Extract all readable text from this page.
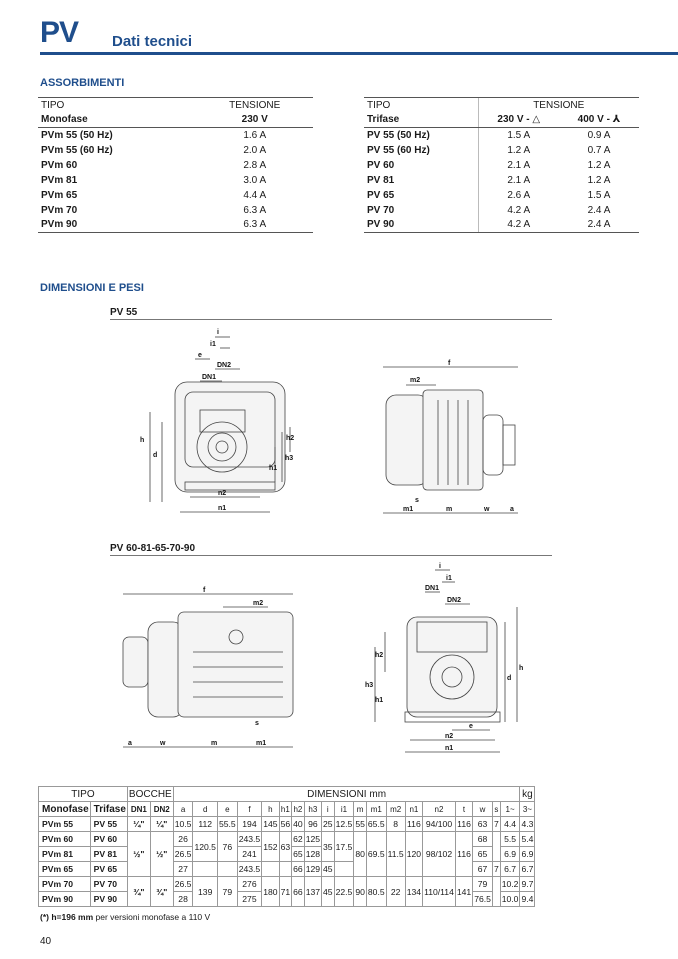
PV Dati tecnici
ASSORBIMENTI
TIPO	TENSIONE
Monofase	230 V
PVm 55 (50 Hz)	1.6 A
PVm 55 (60 Hz)	2.0 A
PVm 60	2.8 A
PVm 81	3.0 A
PVm 65	4.4 A
PVm 70	6.3 A
PVm 90	6.3 A
TIPO	TENSIONE	
Trifase	230 V - △	400 V - ⅄
PV 55 (50 Hz)	1.5 A	0.9 A
PV 55 (60 Hz)	1.2 A	0.7 A
PV 60	2.1 A	1.2 A
PV 81	2.1 A	1.2 A
PV 65	2.6 A	1.5 A
PV 70	4.2 A	2.4 A
PV 90	4.2 A	2.4 A
DIMENSIONI E PESI
PV 55
i
i1
e
DN2
DN1
h
d
h2
h3
h1
n2
n1
f
m2
s
m1	m	w	a
PV 60-81-65-70-90
f
m2
s
a	w	m	m1
i
i1
DN1
DN2
h3
h2
h1
d
h
e
n2
n1
TIPO		BOCCHE		DIMENSIONI mm																			kg
Monofase	Trifase	DN1	DN2	a	d	e	f	h	h1	h2	h3	i	i1	m	m1	m2	n1	n2	t	w	s	1~	3~
PVm 55	PV 55	¼"	¼"	10.5	112	55.5	194	145	56	40	96	25	12.5	55	65.5	8	116	94/100	116	63	7	4.4	4.3
PVm 60	PV 60	½"	½"	26	120.5	76	243.5	152	63	62	125	35	17.5	80	69.5	11.5	120	98/102	116	68		5.5	5.4
PVm 81	PV 81			26.5			241			65	128									65		6.9	6.9
PVm 65	PV 65			27			243.5			66	129	45								67	7	6.7	6.7
PVm 70	PV 70	¾"	¾"	26.5	139	79	276	180	71	66	137	45	22.5	90	80.5	22	134	110/114	141	79		10.2	9.7
PVm 90	PV 90			28			275													76.5		10.0	9.4
(*) h=196 mm per versioni monofase a 110 V
40
